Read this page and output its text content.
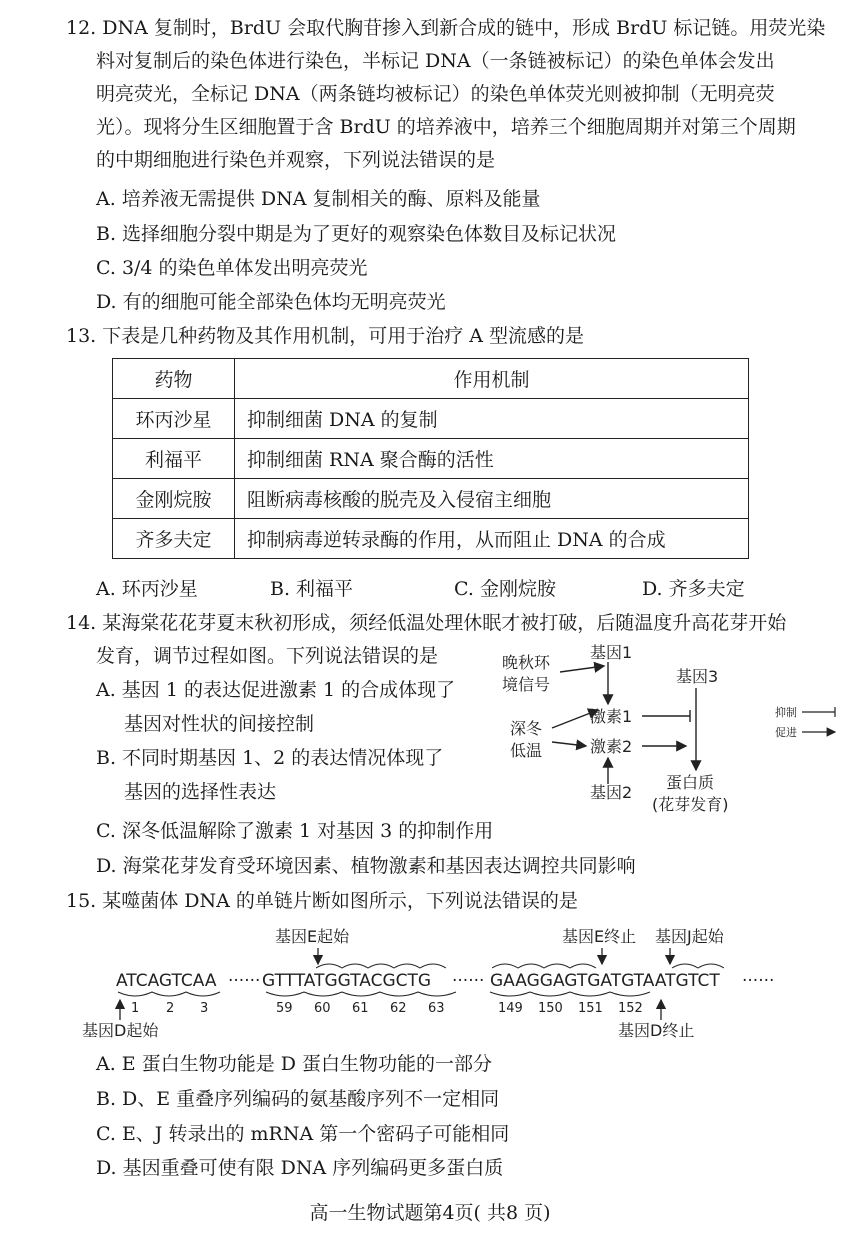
12. DNA 复制时，BrdU 会取代胸苷掺入到新合成的链中，形成 BrdU 标记链。用荧光染
料对复制后的染色体进行染色，半标记 DNA（一条链被标记）的染色单体会发出
明亮荧光，全标记 DNA（两条链均被标记）的染色单体荧光则被抑制（无明亮荧
光）。现将分生区细胞置于含 BrdU 的培养液中，培养三个细胞周期并对第三个周期
的中期细胞进行染色并观察，下列说法错误的是
A. 培养液无需提供 DNA 复制相关的酶、原料及能量
B. 选择细胞分裂中期是为了更好的观察染色体数目及标记状况
C. 3/4 的染色单体发出明亮荧光
D. 有的细胞可能全部染色体均无明亮荧光
13. 下表是几种药物及其作用机制，可用于治疗 A 型流感的是
药物	作用机制
环丙沙星	抑制细菌 DNA 的复制
利福平	抑制细菌 RNA 聚合酶的活性
金刚烷胺	阻断病毒核酸的脱壳及入侵宿主细胞
齐多夫定	抑制病毒逆转录酶的作用，从而阻止 DNA 的合成
A. 环丙沙星	B. 利福平	C. 金刚烷胺	D. 齐多夫定
14. 某海棠花花芽夏末秋初形成，须经低温处理休眠才被打破，后随温度升高花芽开始
发育，调节过程如图。下列说法错误的是
A. 基因 1 的表达促进激素 1 的合成体现了
基因对性状的间接控制
B. 不同时期基因 1、2 的表达情况体现了
基因的选择性表达
C. 深冬低温解除了激素 1 对基因 3 的抑制作用
D. 海棠花芽发育受环境因素、植物激素和基因表达调控共同影响
晚秋环
境信号
深冬
低温
基因1
基因3
激素1
激素2
基因2
蛋白质
(花芽发育)
抑制
促进
15. 某噬菌体 DNA 的单链片断如图所示，下列说法错误的是
基因E起始	基因E终止 基因J起始
ATCAGTCAA ······ GTTTATGGTACGCTG ······ GAAGGAGTGATGTAATGTCT ······
1 2 3	59 60 61 62 63	149 150 151 152
基因D起始	基因D终止
A. E 蛋白生物功能是 D 蛋白生物功能的一部分
B. D、E 重叠序列编码的氨基酸序列不一定相同
C. E、J 转录出的 mRNA 第一个密码子可能相同
D. 基因重叠可使有限 DNA 序列编码更多蛋白质
高一生物试题第4页( 共8 页)
